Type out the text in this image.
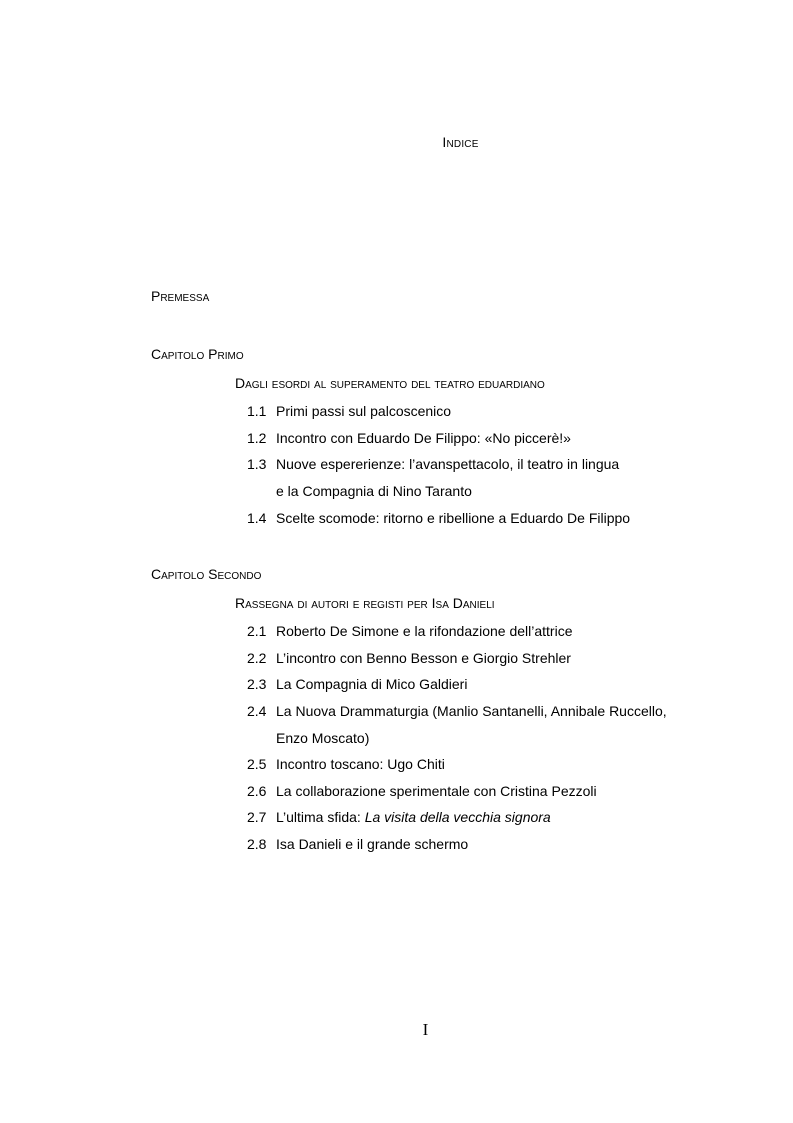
Indice
Premessa
Capitolo Primo
Dagli esordi al superamento del teatro eduardiano
1.1 Primi passi sul palcoscenico
1.2 Incontro con Eduardo De Filippo: «No piccerè!»
1.3 Nuove espererienze: l’avanspettacolo, il teatro in lingua
e la Compagnia di Nino Taranto
1.4 Scelte scomode: ritorno e ribellione a Eduardo De Filippo
Capitolo Secondo
Rassegna di autori e registi per Isa Danieli
2.1 Roberto De Simone e la rifondazione dell’attrice
2.2 L’incontro con Benno Besson e Giorgio Strehler
2.3 La Compagnia di Mico Galdieri
2.4 La Nuova Drammaturgia (Manlio Santanelli, Annibale Ruccello,
Enzo Moscato)
2.5 Incontro toscano: Ugo Chiti
2.6 La collaborazione sperimentale con Cristina Pezzoli
2.7 L’ultima sfida: La visita della vecchia signora
2.8 Isa Danieli e il grande schermo
I
